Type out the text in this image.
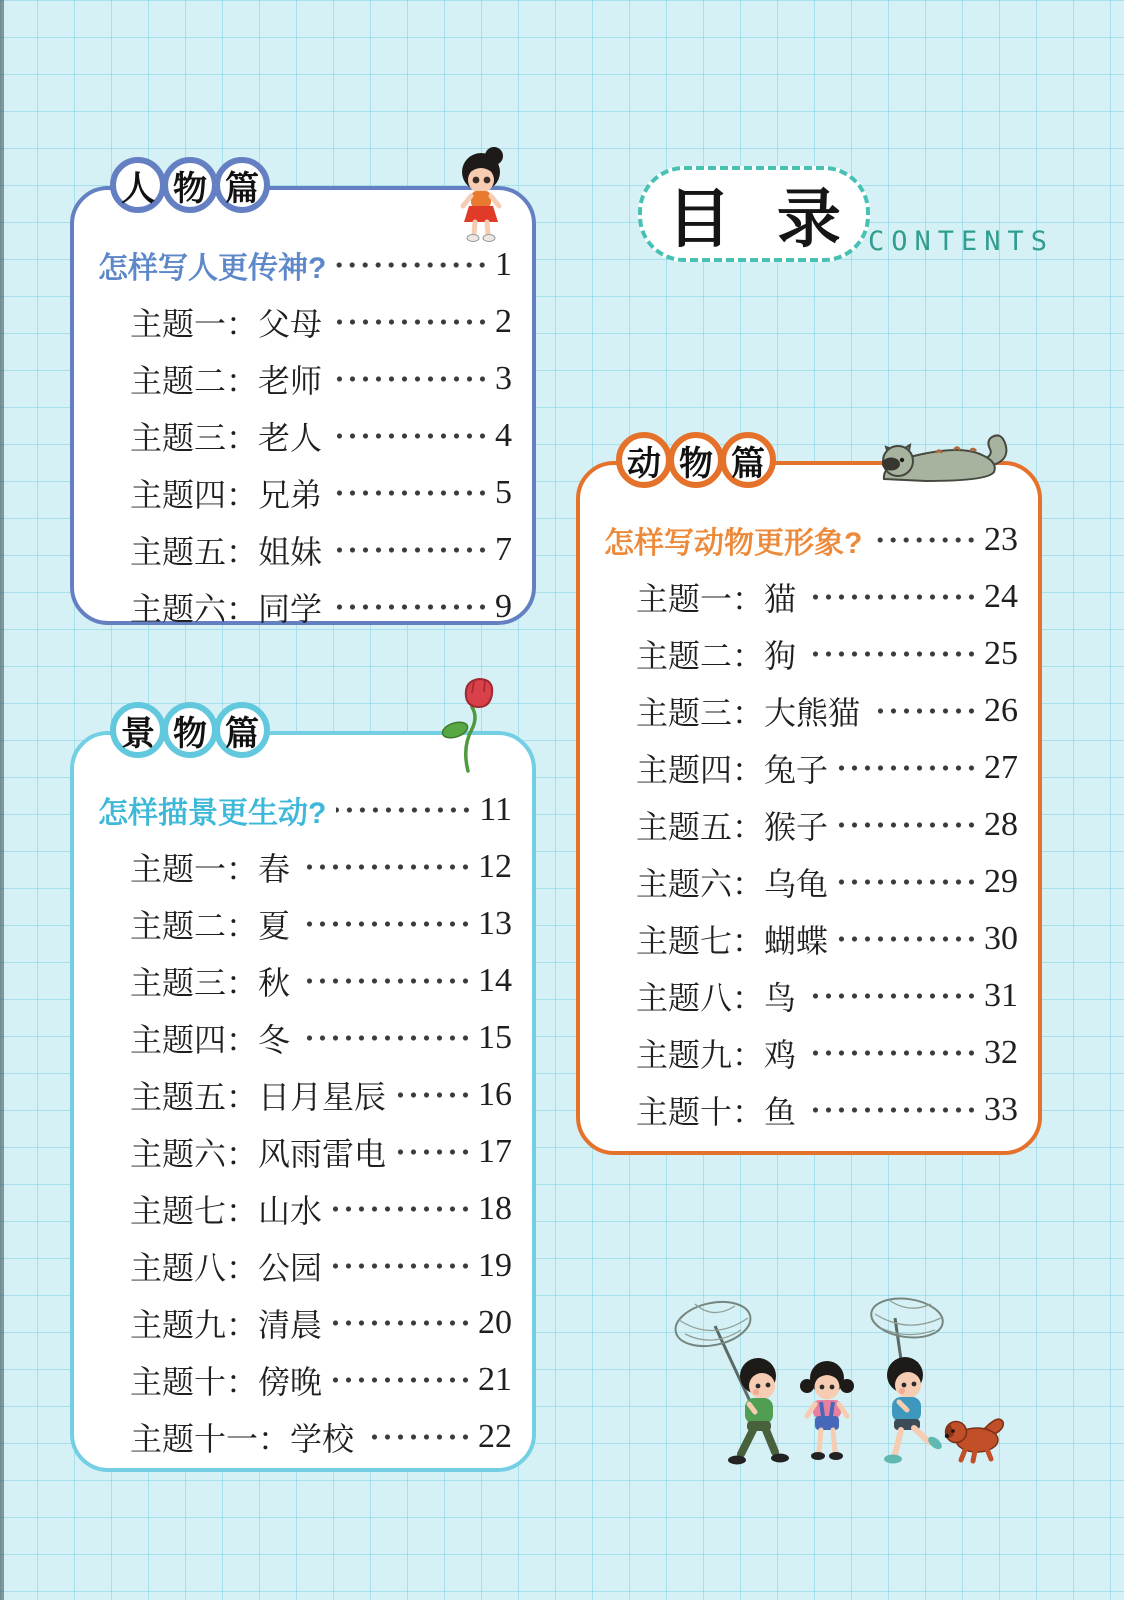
目 录 CONTENTS
人 物 篇
怎样写人更传神?	1
主题一：父母	2
主题二：老师	3
主题三：老人	4
主题四：兄弟	5
主题五：姐妹	7
主题六：同学	9
景 物 篇
怎样描景更生动?	11
主题一：春	12
主题二：夏	13
主题三：秋	14
主题四：冬	15
主题五：日月星辰	16
主题六：风雨雷电	17
主题七：山水	18
主题八：公园	19
主题九：清晨	20
主题十：傍晚	21
主题十一：学校	22
动 物 篇
怎样写动物更形象?	23
主题一：猫	24
主题二：狗	25
主题三：大熊猫	26
主题四：兔子	27
主题五：猴子	28
主题六：乌龟	29
主题七：蝴蝶	30
主题八：鸟	31
主题九：鸡	32
主题十：鱼	33
